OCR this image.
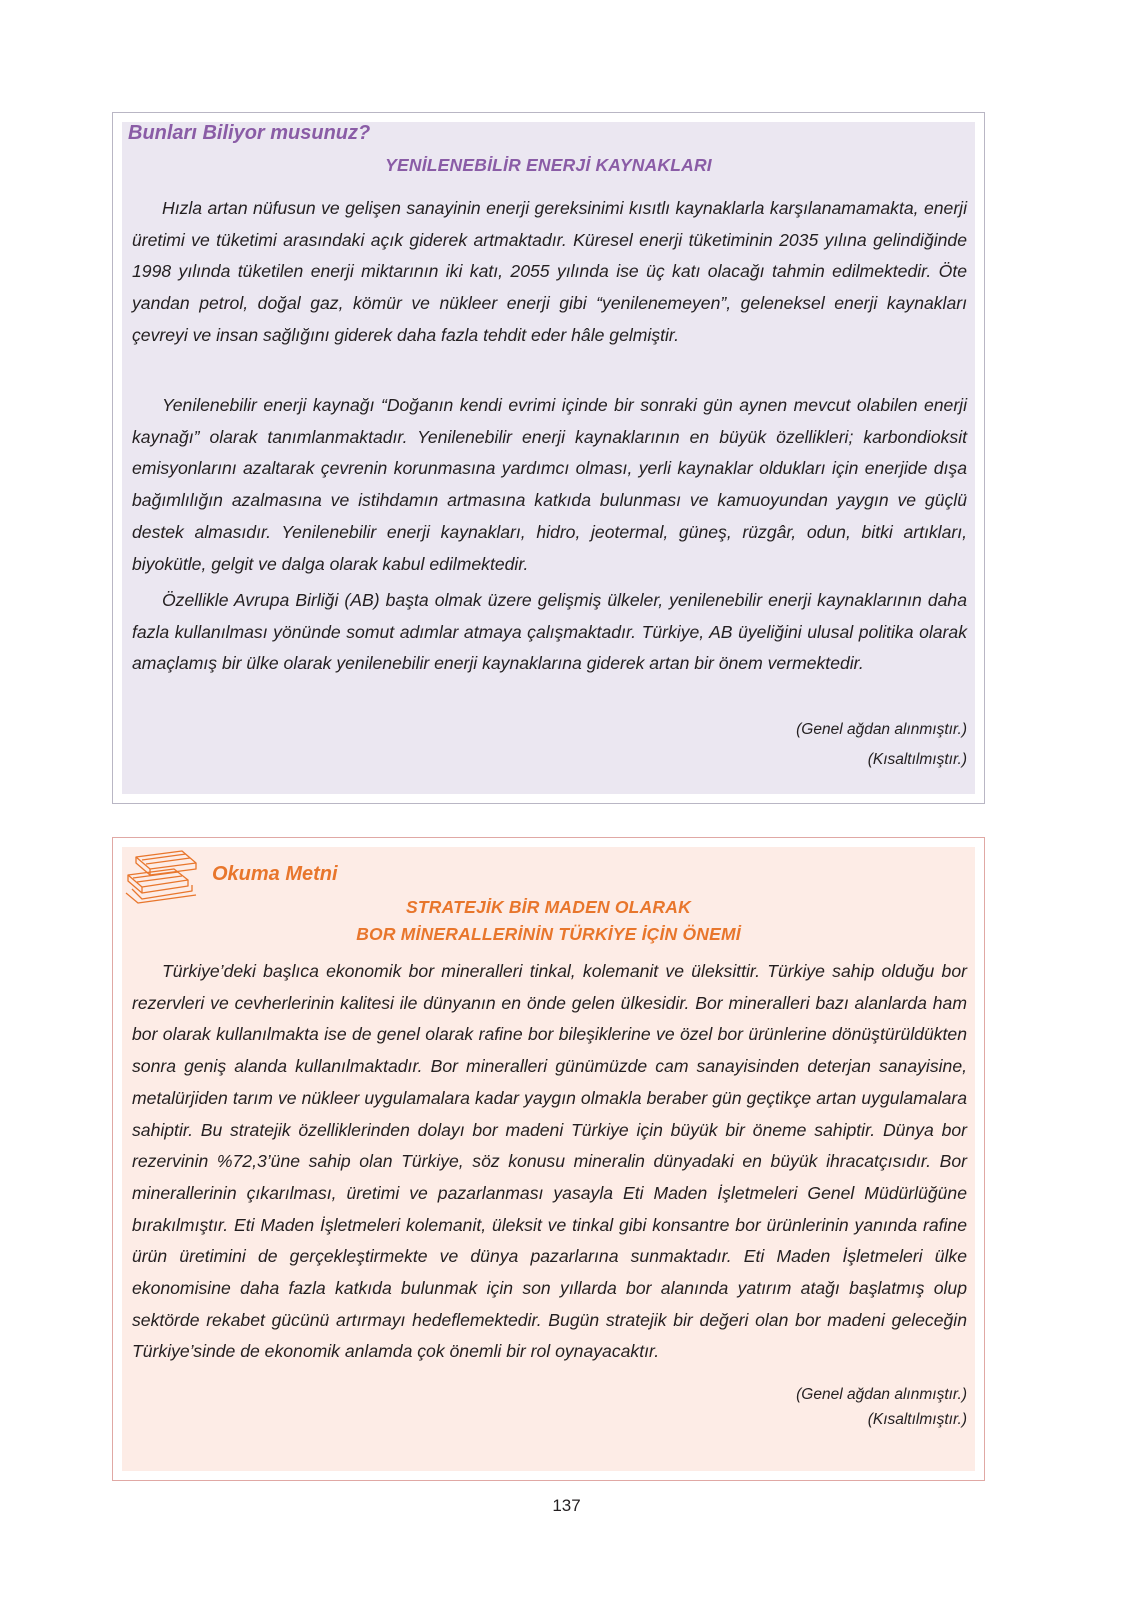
Bunları Biliyor musunuz?

YENİLENEBİLİR ENERJİ KAYNAKLARI

Hızla artan nüfusun ve gelişen sanayinin enerji gereksinimi kısıtlı kaynaklarla karşılanamamakta, enerji üretimi ve tüketimi arasındaki açık giderek artmaktadır. Küresel enerji tüketiminin 2035 yılına gelindiğinde 1998 yılında tüketilen enerji miktarının iki katı, 2055 yılında ise üç katı olacağı tahmin edilmektedir. Öte yandan petrol, doğal gaz, kömür ve nükleer enerji gibi “yenilenemeyen”, geleneksel enerji kaynakları çevreyi ve insan sağlığını giderek daha fazla tehdit eder hâle gelmiştir.

Yenilenebilir enerji kaynağı “Doğanın kendi evrimi içinde bir sonraki gün aynen mevcut olabilen enerji kaynağı” olarak tanımlanmaktadır. Yenilenebilir enerji kaynaklarının en büyük özellikleri; karbondioksit emisyonlarını azaltarak çevrenin korunmasına yardımcı olması, yerli kaynaklar oldukları için enerjide dışa bağımlılığın azalmasına ve istihdamın artmasına katkıda bulunması ve kamuoyundan yaygın ve güçlü destek almasıdır. Yenilenebilir enerji kaynakları, hidro, jeotermal, güneş, rüzgâr, odun, bitki artıkları, biyokütle, gelgit ve dalga olarak kabul edilmektedir.

Özellikle Avrupa Birliği (AB) başta olmak üzere gelişmiş ülkeler, yenilenebilir enerji kaynaklarının daha fazla kullanılması yönünde somut adımlar atmaya çalışmaktadır. Türkiye, AB üyeliğini ulusal politika olarak amaçlamış bir ülke olarak yenilenebilir enerji kaynaklarına giderek artan bir önem vermektedir.

(Genel ağdan alınmıştır.)

(Kısaltılmıştır.)

Okuma Metni

STRATEJİK BİR MADEN OLARAK

BOR MİNERALLERİNİN TÜRKİYE İÇİN ÖNEMİ

Türkiye’deki başlıca ekonomik bor mineralleri tinkal, kolemanit ve üleksittir. Türkiye sahip olduğu bor rezervleri ve cevherlerinin kalitesi ile dünyanın en önde gelen ülkesidir. Bor mineralleri bazı alanlarda ham bor olarak kullanılmakta ise de genel olarak rafine bor bileşiklerine ve özel bor ürünlerine dönüştürüldükten sonra geniş alanda kullanılmaktadır. Bor mineralleri günümüzde cam sanayisinden deterjan sanayisine, metalürjiden tarım ve nükleer uygulamalara kadar yaygın olmakla beraber gün geçtikçe artan uygulamalara sahiptir. Bu stratejik özelliklerinden dolayı bor madeni Türkiye için büyük bir öneme sahiptir. Dünya bor rezervinin %72,3’üne sahip olan Türkiye, söz konusu mineralin dünyadaki en büyük ihracatçısıdır. Bor minerallerinin çıkarılması, üretimi ve pazarlanması yasayla Eti Maden İşletmeleri Genel Müdürlüğüne bırakılmıştır. Eti Maden İşletmeleri kolemanit, üleksit ve tinkal gibi konsantre bor ürünlerinin yanında rafine ürün üretimini de gerçekleştirmekte ve dünya pazarlarına sunmaktadır. Eti Maden İşletmeleri ülke ekonomisine daha fazla katkıda bulunmak için son yıllarda bor alanında yatırım atağı başlatmış olup sektörde rekabet gücünü artırmayı hedeflemektedir. Bugün stratejik bir değeri olan bor madeni geleceğin Türkiye’sinde de ekonomik anlamda çok önemli bir rol oynayacaktır.

(Genel ağdan alınmıştır.)

(Kısaltılmıştır.)

137
